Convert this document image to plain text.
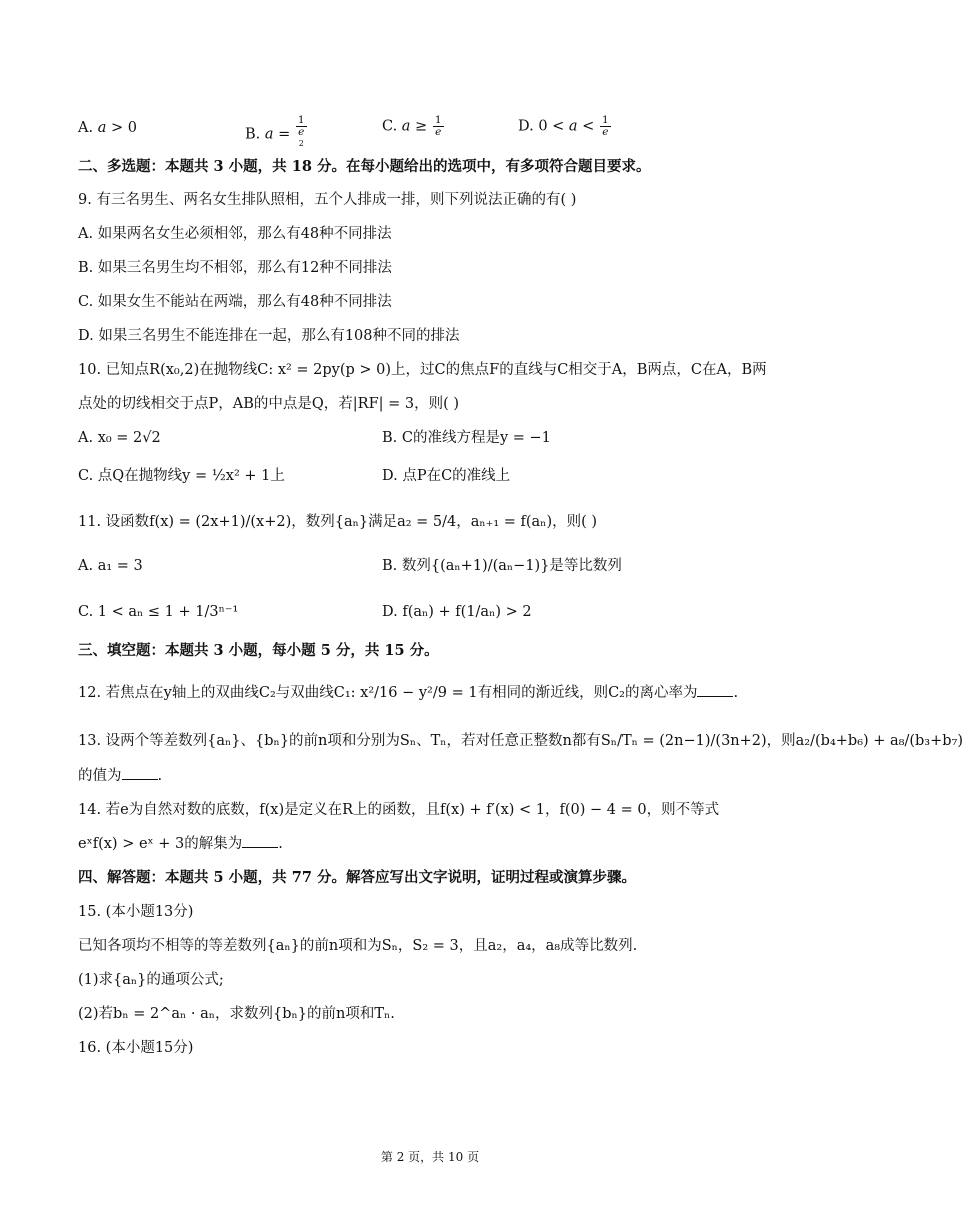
A. a > 0	B. a =
1
e
$^2$
C. $a \ge \frac{1}{e}$	D. $0 < a < \frac{1}{e}$
二、多选题：本题共 3 小题，共 18 分。在每小题给出的选项中，有多项符合题目要求。
9. 有三名男生、两名女生排队照相，五个人排成一排，则下列说法正确的有( )
A. 如果两名女生必须相邻，那么有48种不同排法
B. 如果三名男生均不相邻，那么有12种不同排法
C. 如果女生不能站在两端，那么有48种不同排法
D. 如果三名男生不能连排在一起，那么有108种不同的排法
10. 已知点R(x₀,2)在抛物线C: x² = 2py(p > 0)上，过C的焦点F的直线与C相交于A，B两点，C在A，B两
点处的切线相交于点P，AB的中点是Q，若|RF| = 3，则( )
A. x₀ = 2√2	B. C的准线方程是y = −1
C. 点Q在抛物线y = ½x² + 1上	D. 点P在C的准线上
11. 设函数f(x) = (2x+1)/(x+2)，数列{aₙ}满足a₂ = 5/4，aₙ₊₁ = f(aₙ)，则( )
A. a₁ = 3	B. 数列{(aₙ+1)/(aₙ−1)}是等比数列
C. 1 < aₙ ≤ 1 + 1/3ⁿ⁻¹	D. f(aₙ) + f(1/aₙ) > 2
三、填空题：本题共 3 小题，每小题 5 分，共 15 分。
12. 若焦点在y轴上的双曲线C₂与双曲线C₁: x²/16 − y²/9 = 1有相同的渐近线，则C₂的离心率为 .
13. 设两个等差数列{aₙ}、{bₙ}的前n项和分别为Sₙ、Tₙ，若对任意正整数n都有Sₙ/Tₙ = (2n−1)/(3n+2)，则a₂/(b₄+b₆) + a₈/(b₃+b₇)
的值为 .
14. 若e为自然对数的底数，f(x)是定义在R上的函数，且f(x) + f′(x) < 1，f(0) − 4 = 0，则不等式
eˣf(x) > eˣ + 3的解集为 .
四、解答题：本题共 5 小题，共 77 分。解答应写出文字说明，证明过程或演算步骤。
15. (本小题13分)
已知各项均不相等的等差数列{aₙ}的前n项和为Sₙ，S₂ = 3，且a₂，a₄，a₈成等比数列.
(1)求{aₙ}的通项公式;
(2)若bₙ = 2^aₙ · aₙ，求数列{bₙ}的前n项和Tₙ.
16. (本小题15分)
第 2 页，共 10 页
